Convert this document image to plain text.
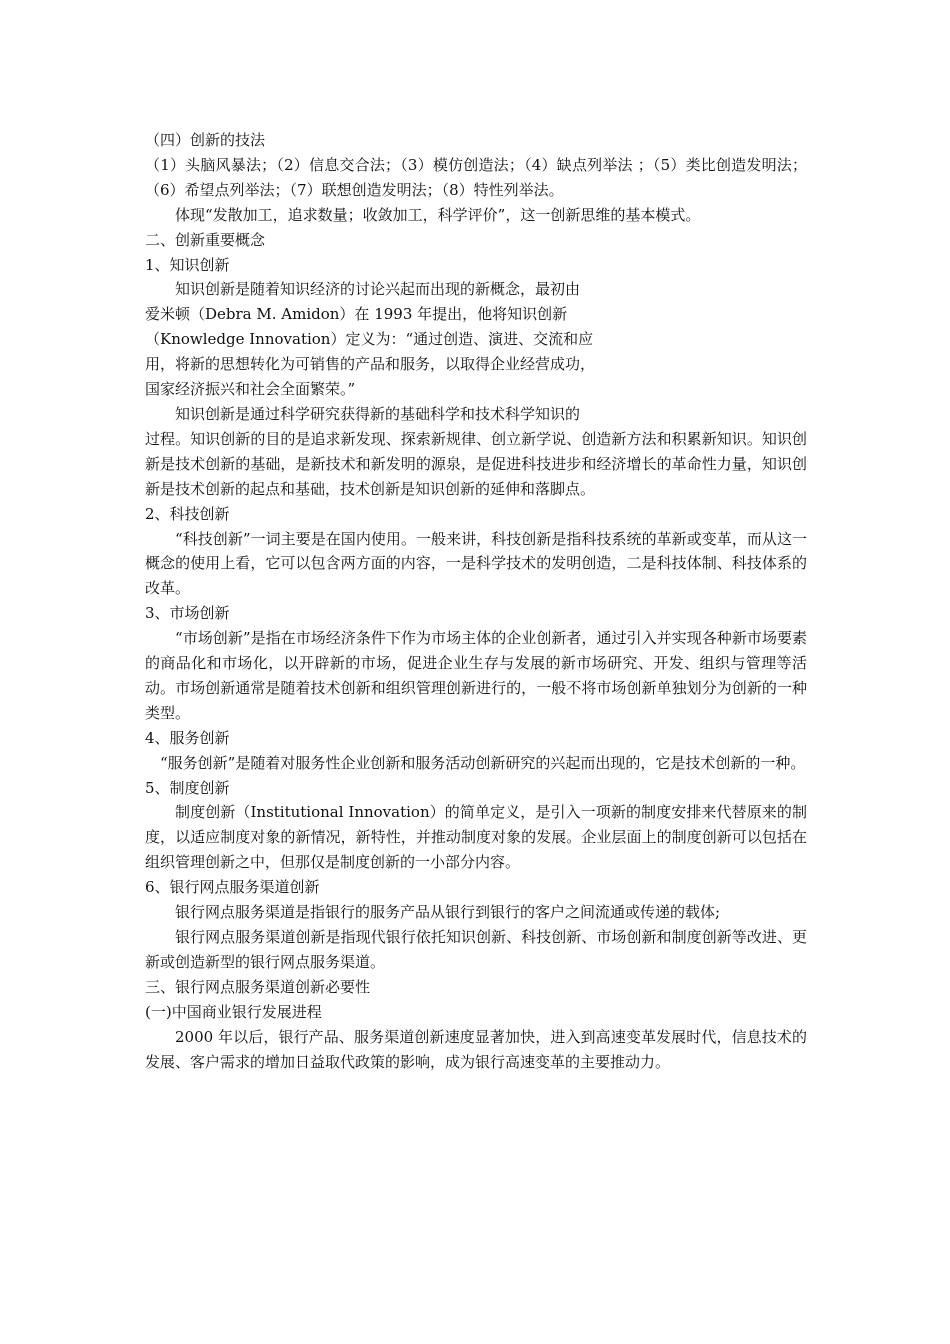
（四）创新的技法

（1）头脑风暴法；（2）信息交合法；（3）模仿创造法；（4）缺点列举法 ；（5）类比创造发明法；（6）希望点列举法；（7）联想创造发明法；（8）特性列举法。

体现“发散加工，追求数量；收敛加工，科学评价”，这一创新思维的基本模式。

二、创新重要概念

1、知识创新

知识创新是随着知识经济的讨论兴起而出现的新概念，最初由

爱米顿（Debra M. Amidon）在 1993 年提出，他将知识创新

（Knowledge Innovation）定义为：“通过创造、演进、交流和应

用，将新的思想转化为可销售的产品和服务，以取得企业经营成功，

国家经济振兴和社会全面繁荣。”

知识创新是通过科学研究获得新的基础科学和技术科学知识的

过程。知识创新的目的是追求新发现、探索新规律、创立新学说、创造新方法和积累新知识。知识创新是技术创新的基础，是新技术和新发明的源泉，是促进科技进步和经济增长的革命性力量，知识创新是技术创新的起点和基础，技术创新是知识创新的延伸和落脚点。

2、科技创新

“科技创新”一词主要是在国内使用。一般来讲，科技创新是指科技系统的革新或变革，而从这一概念的使用上看，它可以包含两方面的内容，一是科学技术的发明创造，二是科技体制、科技体系的改革。

3、市场创新

“市场创新”是指在市场经济条件下作为市场主体的企业创新者，通过引入并实现各种新市场要素的商品化和市场化，以开辟新的市场，促进企业生存与发展的新市场研究、开发、组织与管理等活动。市场创新通常是随着技术创新和组织管理创新进行的，一般不将市场创新单独划分为创新的一种类型。

4、服务创新

“服务创新”是随着对服务性企业创新和服务活动创新研究的兴起而出现的，它是技术创新的一种。

5、制度创新

制度创新（Institutional Innovation）的简单定义，是引入一项新的制度安排来代替原来的制度，以适应制度对象的新情况，新特性，并推动制度对象的发展。企业层面上的制度创新可以包括在组织管理创新之中，但那仅是制度创新的一小部分内容。

6、银行网点服务渠道创新

银行网点服务渠道是指银行的服务产品从银行到银行的客户之间流通或传递的载体;

银行网点服务渠道创新是指现代银行依托知识创新、科技创新、市场创新和制度创新等改进、更新或创造新型的银行网点服务渠道。

三、银行网点服务渠道创新必要性

(一)中国商业银行发展进程

2000 年以后，银行产品、服务渠道创新速度显著加快，进入到高速变革发展时代，信息技术的发展、客户需求的增加日益取代政策的影响，成为银行高速变革的主要推动力。
